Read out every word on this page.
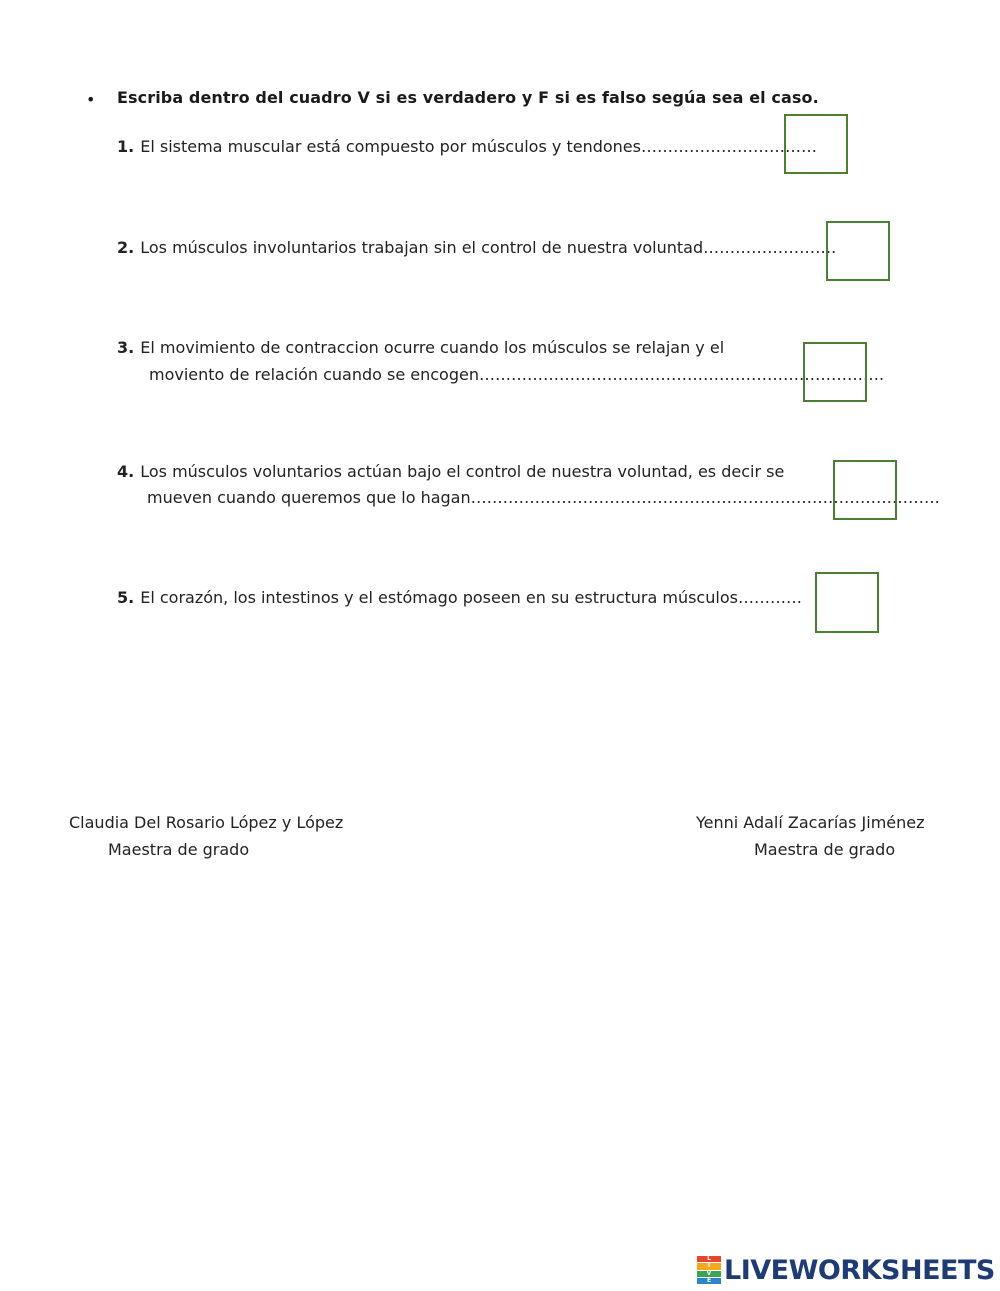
• Escriba dentro del cuadro V si es verdadero y F si es falso segúa sea el caso.
1. El sistema muscular está compuesto por músculos y tendones……………………………
2. Los músculos involuntarios trabajan sin el control de nuestra voluntad…………………….
3. El movimiento de contraccion ocurre cuando los músculos se relajan y el
moviento de relación cuando se encogen………………………………………………………………….
4. Los músculos voluntarios actúan bajo el control de nuestra voluntad, es decir se
mueven cuando queremos que lo hagan…………………………………………………………………………….
5. El corazón, los intestinos y el estómago poseen en su estructura músculos…………
Claudia Del Rosario López y López
Maestra de grado
Yenni Adalí Zacarías Jiménez
Maestra de grado
L
I
V
E LIVEWORKSHEETS
